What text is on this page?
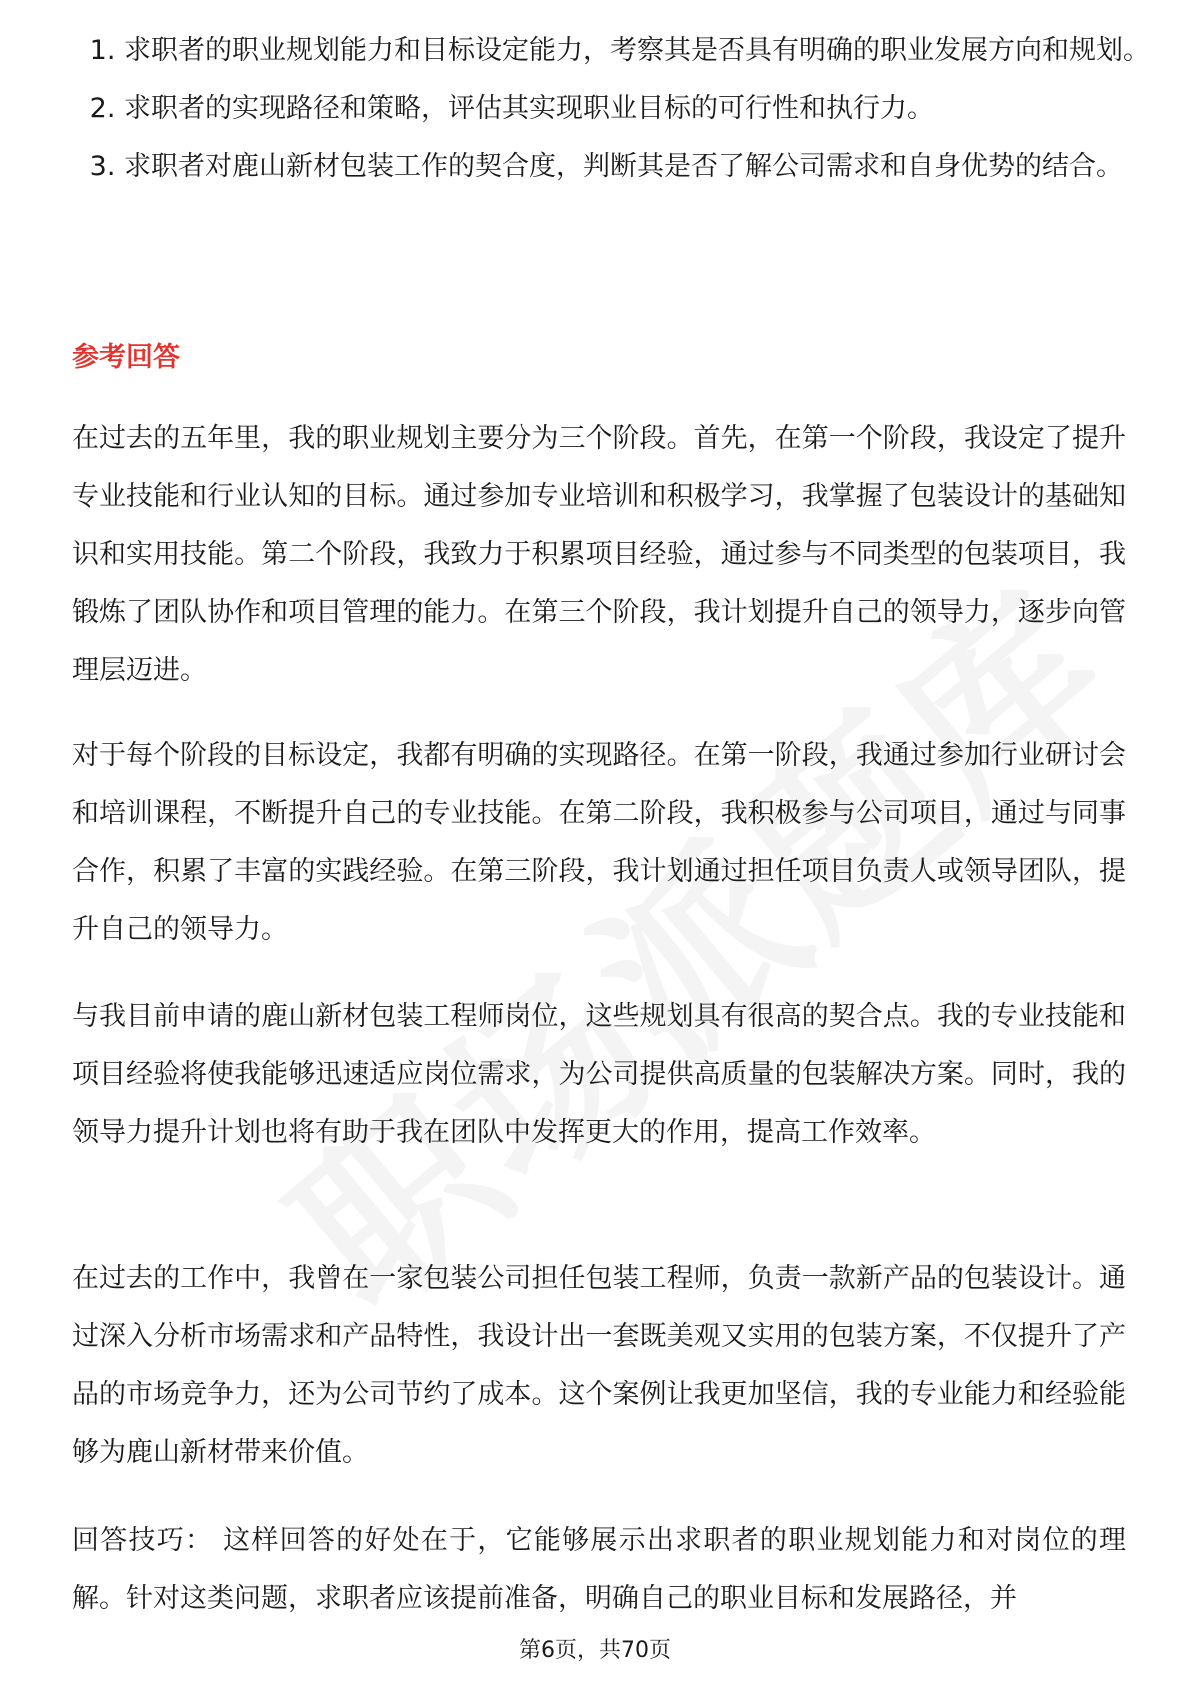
1. 求职者的职业规划能力和目标设定能力，考察其是否具有明确的职业发展方向和规划。
2. 求职者的实现路径和策略，评估其实现职业目标的可行性和执行力。
3. 求职者对鹿山新材包装工作的契合度，判断其是否了解公司需求和自身优势的结合。
参考回答

在过去的五年里，我的职业规划主要分为三个阶段。首先，在第一个阶段，我设定了提升专业技能和行业认知的目标。通过参加专业培训和积极学习，我掌握了包装设计的基础知识和实用技能。第二个阶段，我致力于积累项目经验，通过参与不同类型的包装项目，我锻炼了团队协作和项目管理的能力。在第三个阶段，我计划提升自己的领导力，逐步向管理层迈进。

对于每个阶段的目标设定，我都有明确的实现路径。在第一阶段，我通过参加行业研讨会和培训课程，不断提升自己的专业技能。在第二阶段，我积极参与公司项目，通过与同事合作，积累了丰富的实践经验。在第三阶段，我计划通过担任项目负责人或领导团队，提升自己的领导力。

与我目前申请的鹿山新材包装工程师岗位，这些规划具有很高的契合点。我的专业技能和项目经验将使我能够迅速适应岗位需求，为公司提供高质量的包装解决方案。同时，我的领导力提升计划也将有助于我在团队中发挥更大的作用，提高工作效率。

在过去的工作中，我曾在一家包装公司担任包装工程师，负责一款新产品的包装设计。通过深入分析市场需求和产品特性，我设计出一套既美观又实用的包装方案，不仅提升了产品的市场竞争力，还为公司节约了成本。这个案例让我更加坚信，我的专业能力和经验能够为鹿山新材带来价值。

回答技巧： 这样回答的好处在于，它能够展示出求职者的职业规划能力和对岗位的理解。针对这类问题，求职者应该提前准备，明确自己的职业目标和发展路径，并

第6页，共70页
